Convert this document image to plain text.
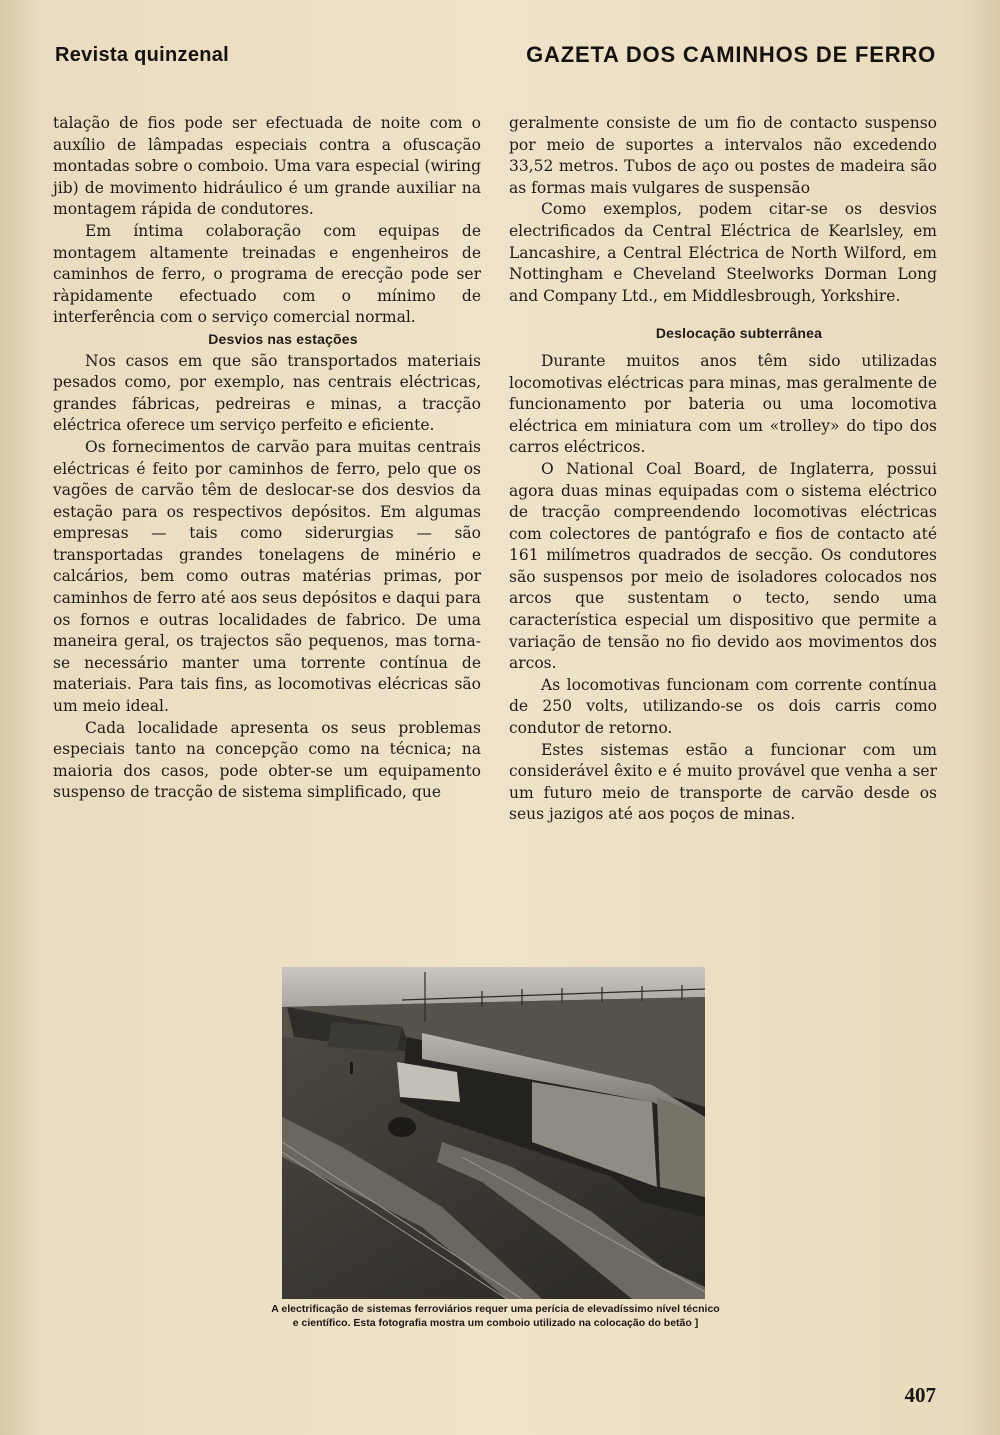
Revista quinzenal	GAZETA DOS CAMINHOS DE FERRO

talação de fios pode ser efectuada de noite com o auxílio de lâmpadas especiais contra a ofuscação montadas sobre o comboio. Uma vara especial (wiring jib) de movimento hidráulico é um grande auxiliar na montagem rápida de condutores.

Em íntima colaboração com equipas de montagem altamente treinadas e engenheiros de caminhos de ferro, o programa de erecção pode ser ràpidamente efectuado com o mínimo de interferência com o serviço comercial normal.

Desvios nas estações

Nos casos em que são transportados materiais pesados como, por exemplo, nas centrais eléctricas, grandes fábricas, pedreiras e minas, a tracção eléctrica oferece um serviço perfeito e eficiente.

Os fornecimentos de carvão para muitas centrais eléctricas é feito por caminhos de ferro, pelo que os vagões de carvão têm de deslocar-se dos desvios da estação para os respectivos depósitos. Em algumas empresas — tais como siderurgias — são transportadas grandes tonelagens de minério e calcários, bem como outras matérias primas, por caminhos de ferro até aos seus depósitos e daqui para os fornos e outras localidades de fabrico. De uma maneira geral, os trajectos são pequenos, mas torna-se necessário manter uma torrente contínua de materiais. Para tais fins, as locomotivas elécricas são um meio ideal.

Cada localidade apresenta os seus problemas especiais tanto na concepção como na técnica; na maioria dos casos, pode obter-se um equipamento suspenso de tracção de sistema simplificado, que

geralmente consiste de um fio de contacto suspenso por meio de suportes a intervalos não excedendo 33,52 metros. Tubos de aço ou postes de madeira são as formas mais vulgares de suspensão

Como exemplos, podem citar-se os desvios electrificados da Central Eléctrica de Kearlsley, em Lancashire, a Central Eléctrica de North Wilford, em Nottingham e Cheveland Steelworks Dorman Long and Company Ltd., em Middlesbrough, Yorkshire.

Deslocação subterrânea

Durante muitos anos têm sido utilizadas locomotivas eléctricas para minas, mas geralmente de funcionamento por bateria ou uma locomotiva eléctrica em miniatura com um «trolley» do tipo dos carros eléctricos.

O National Coal Board, de Inglaterra, possui agora duas minas equipadas com o sistema eléctrico de tracção compreendendo locomotivas eléctricas com colectores de pantógrafo e fios de contacto até 161 milímetros quadrados de secção. Os condutores são suspensos por meio de isoladores colocados nos arcos que sustentam o tecto, sendo uma característica especial um dispositivo que permite a variação de tensão no fio devido aos movimentos dos arcos.

As locomotivas funcionam com corrente contínua de 250 volts, utilizando-se os dois carris como condutor de retorno.

Estes sistemas estão a funcionar com um considerável êxito e é muito provável que venha a ser um futuro meio de transporte de carvão desde os seus jazigos até aos poços de minas.

A electrificação de sistemas ferroviários requer uma perícia de elevadíssimo nível técnico e científico. Esta fotografia mostra um comboio utilizado na colocação do betão ]
407
